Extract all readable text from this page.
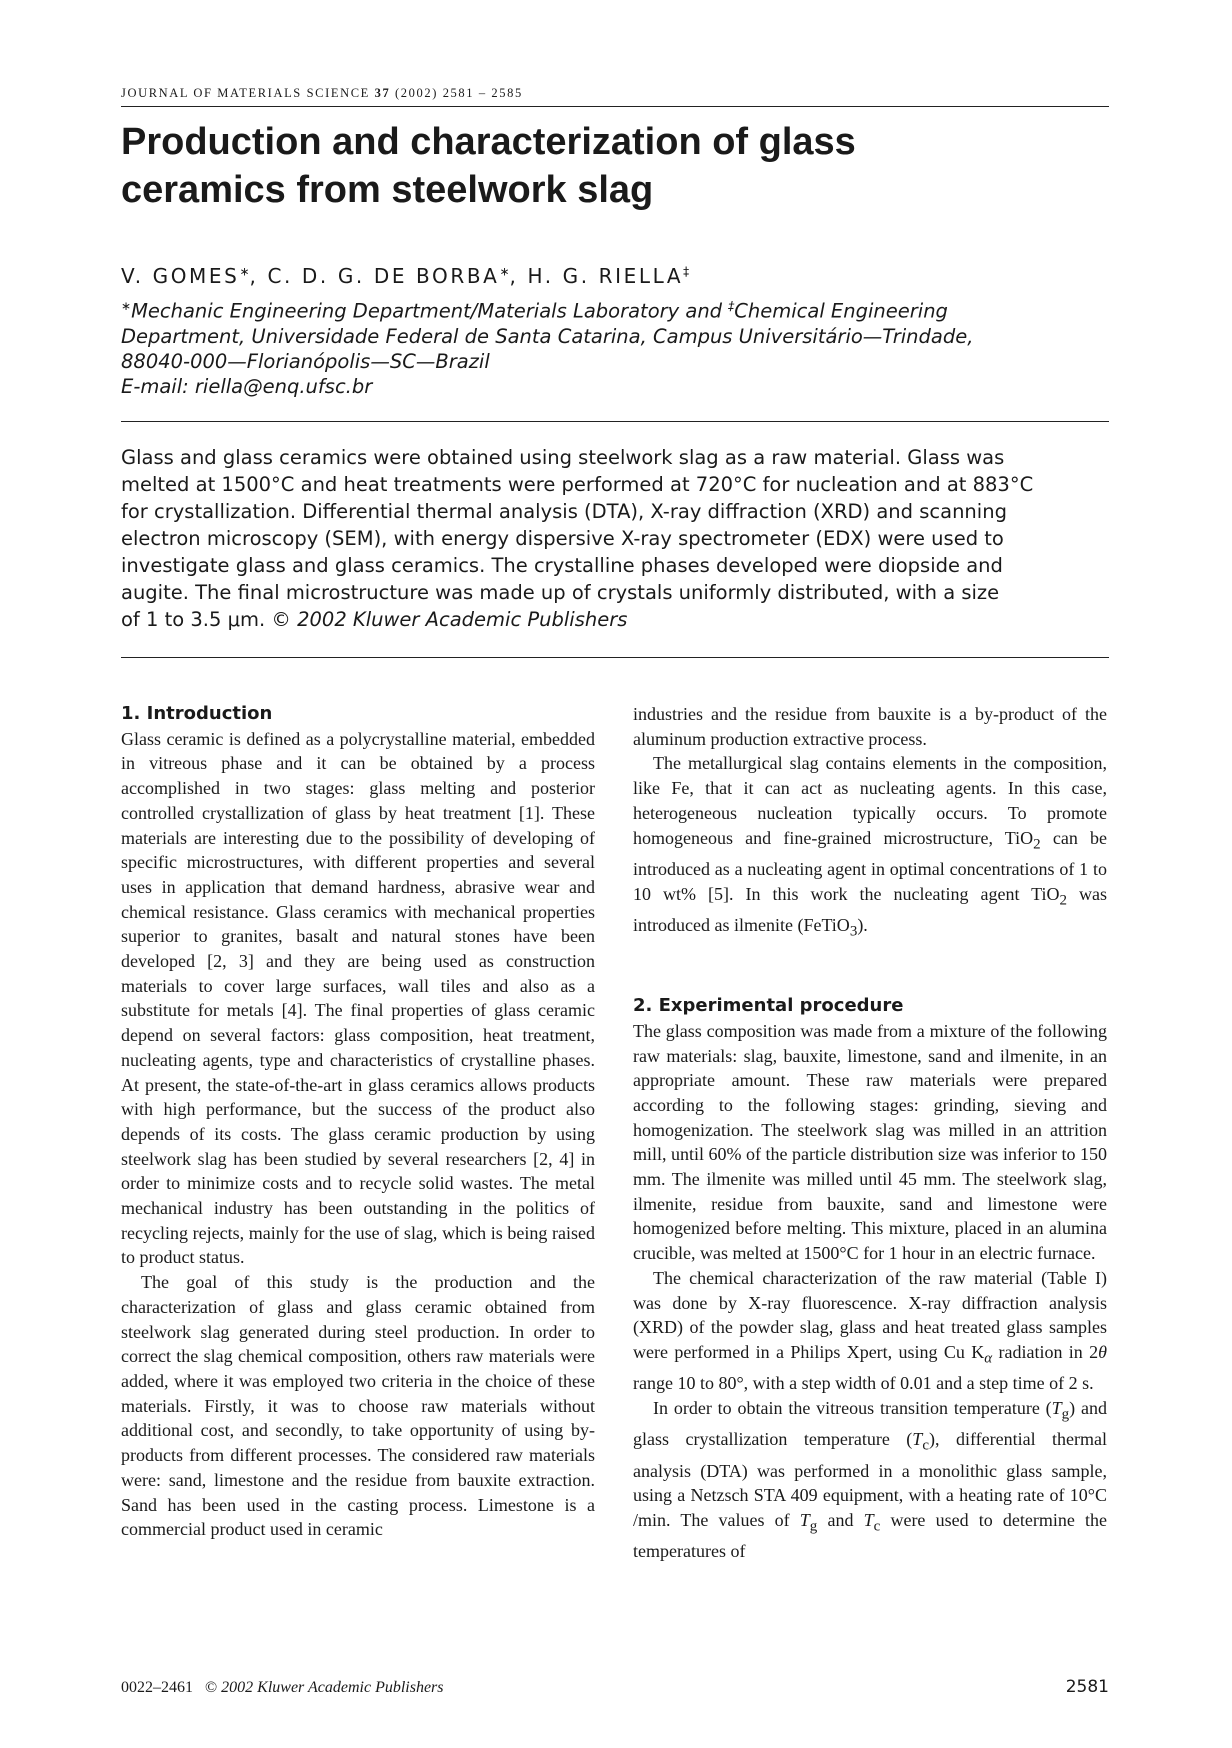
JOURNAL OF MATERIALS SCIENCE 37 (2002) 2581 – 2585
Production and characterization of glass
ceramics from steelwork slag
V. GOMES∗, C. D. G. DE BORBA∗, H. G. RIELLA‡
∗Mechanic Engineering Department/Materials Laboratory and ‡Chemical Engineering
Department, Universidade Federal de Santa Catarina, Campus Universitário—Trindade,
88040-000—Florianópolis—SC—Brazil
E-mail: riella@enq.ufsc.br
Glass and glass ceramics were obtained using steelwork slag as a raw material. Glass was
melted at 1500°C and heat treatments were performed at 720°C for nucleation and at 883°C
for crystallization. Differential thermal analysis (DTA), X-ray diffraction (XRD) and scanning
electron microscopy (SEM), with energy dispersive X-ray spectrometer (EDX) were used to
investigate glass and glass ceramics. The crystalline phases developed were diopside and
augite. The final microstructure was made up of crystals uniformly distributed, with a size
of 1 to 3.5 μm. © 2002 Kluwer Academic Publishers
1. Introduction

Glass ceramic is defined as a polycrystalline material, embedded in vitreous phase and it can be obtained by a process accomplished in two stages: glass melting and posterior controlled crystallization of glass by heat treatment [1]. These materials are interesting due to the possibility of developing of specific microstructures, with different properties and several uses in application that demand hardness, abrasive wear and chemical resistance. Glass ceramics with mechanical properties superior to granites, basalt and natural stones have been developed [2, 3] and they are being used as construction materials to cover large surfaces, wall tiles and also as a substitute for metals [4]. The final properties of glass ceramic depend on several factors: glass composition, heat treatment, nucleating agents, type and characteristics of crystalline phases. At present, the state-of-the-art in glass ceramics allows products with high performance, but the success of the product also depends of its costs. The glass ceramic production by using steelwork slag has been studied by several researchers [2, 4] in order to minimize costs and to recycle solid wastes. The metal mechanical industry has been outstanding in the politics of recycling rejects, mainly for the use of slag, which is being raised to product status.

The goal of this study is the production and the characterization of glass and glass ceramic obtained from steelwork slag generated during steel production. In order to correct the slag chemical composition, others raw materials were added, where it was employed two criteria in the choice of these materials. Firstly, it was to choose raw materials without additional cost, and secondly, to take opportunity of using by-products from different processes. The considered raw materials were: sand, limestone and the residue from bauxite extraction. Sand has been used in the casting process. Limestone is a commercial product used in ceramic

industries and the residue from bauxite is a by-product of the aluminum production extractive process.

The metallurgical slag contains elements in the composition, like Fe, that it can act as nucleating agents. In this case, heterogeneous nucleation typically occurs. To promote homogeneous and fine-grained microstructure, TiO$_2$ can be introduced as a nucleating agent in optimal concentrations of 1 to 10 wt% [5]. In this work the nucleating agent TiO$_2$ was introduced as ilmenite (FeTiO$_3$).

2. Experimental procedure

The glass composition was made from a mixture of the following raw materials: slag, bauxite, limestone, sand and ilmenite, in an appropriate amount. These raw materials were prepared according to the following stages: grinding, sieving and homogenization. The steelwork slag was milled in an attrition mill, until 60% of the particle distribution size was inferior to 150 mm. The ilmenite was milled until 45 mm. The steelwork slag, ilmenite, residue from bauxite, sand and limestone were homogenized before melting. This mixture, placed in an alumina crucible, was melted at 1500°C for 1 hour in an electric furnace.

The chemical characterization of the raw material (Table I) was done by X-ray fluorescence. X-ray diffraction analysis (XRD) of the powder slag, glass and heat treated glass samples were performed in a Philips Xpert, using Cu $K_\alpha$ radiation in 2θ range 10 to 80°, with a step width of 0.01 and a step time of 2 s.

In order to obtain the vitreous transition temperature $(T_g)$ and glass crystallization temperature $(T_c)$, differential thermal analysis (DTA) was performed in a monolithic glass sample, using a Netzsch STA 409 equipment, with a heating rate of 10°C /min. The values of $T_g$ and $T_c$ were used to determine the temperatures of

0022–2461 © 2002 Kluwer Academic Publishers	2581
